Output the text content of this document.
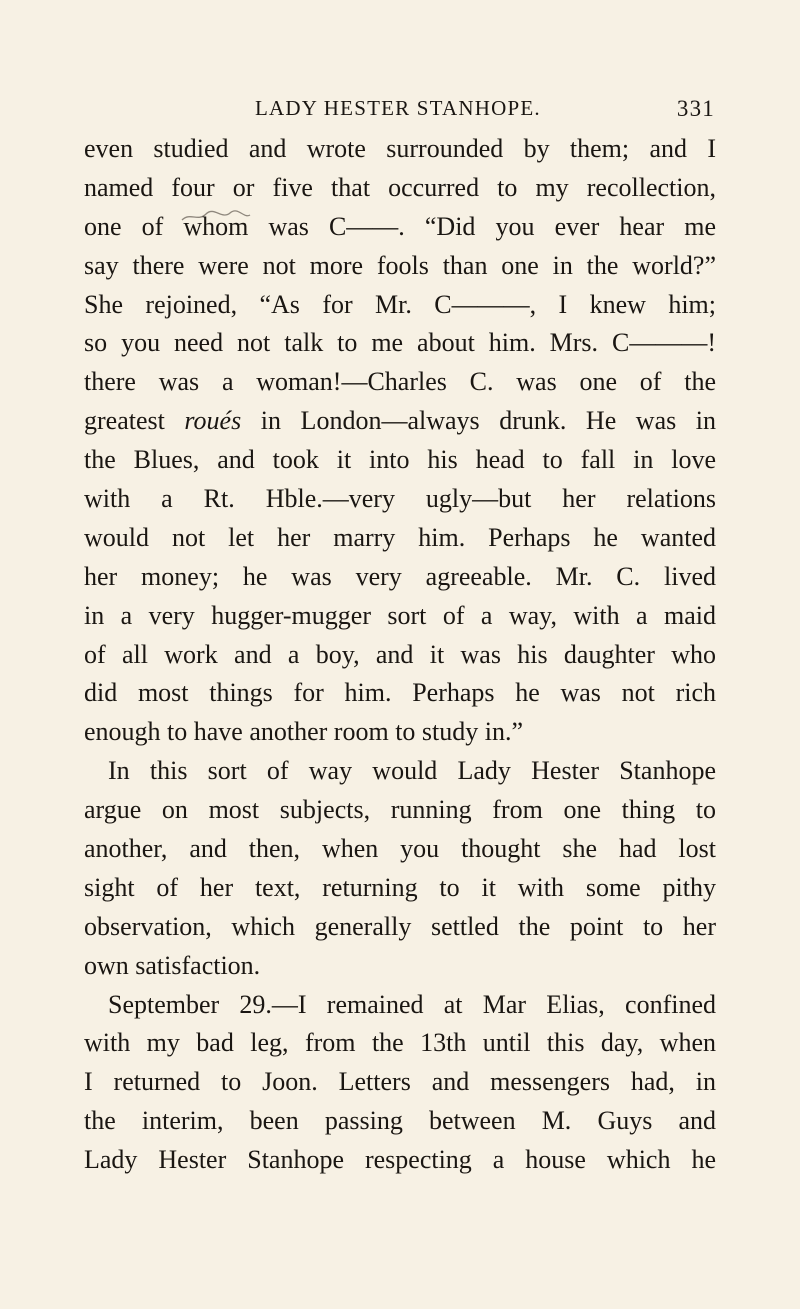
LADY HESTER STANHOPE.	331
even studied and wrote surrounded by them; and I
named four or five that occurred to my recollection,
one of whom was C——. “Did you ever hear me
say there were not more fools than one in the world?”
She rejoined, “As for Mr. C———, I knew him;
so you need not talk to me about him. Mrs. C———!
there was a woman!—Charles C. was one of the
greatest roués in London—always drunk. He was in
the Blues, and took it into his head to fall in love
with a Rt. Hble.—very ugly—but her relations
would not let her marry him. Perhaps he wanted
her money; he was very agreeable. Mr. C. lived
in a very hugger-mugger sort of a way, with a maid
of all work and a boy, and it was his daughter who
did most things for him. Perhaps he was not rich
enough to have another room to study in.”
In this sort of way would Lady Hester Stanhope
argue on most subjects, running from one thing to
another, and then, when you thought she had lost
sight of her text, returning to it with some pithy
observation, which generally settled the point to her
own satisfaction.
September 29.—I remained at Mar Elias, confined
with my bad leg, from the 13th until this day, when
I returned to Joon. Letters and messengers had, in
the interim, been passing between M. Guys and
Lady Hester Stanhope respecting a house which he
